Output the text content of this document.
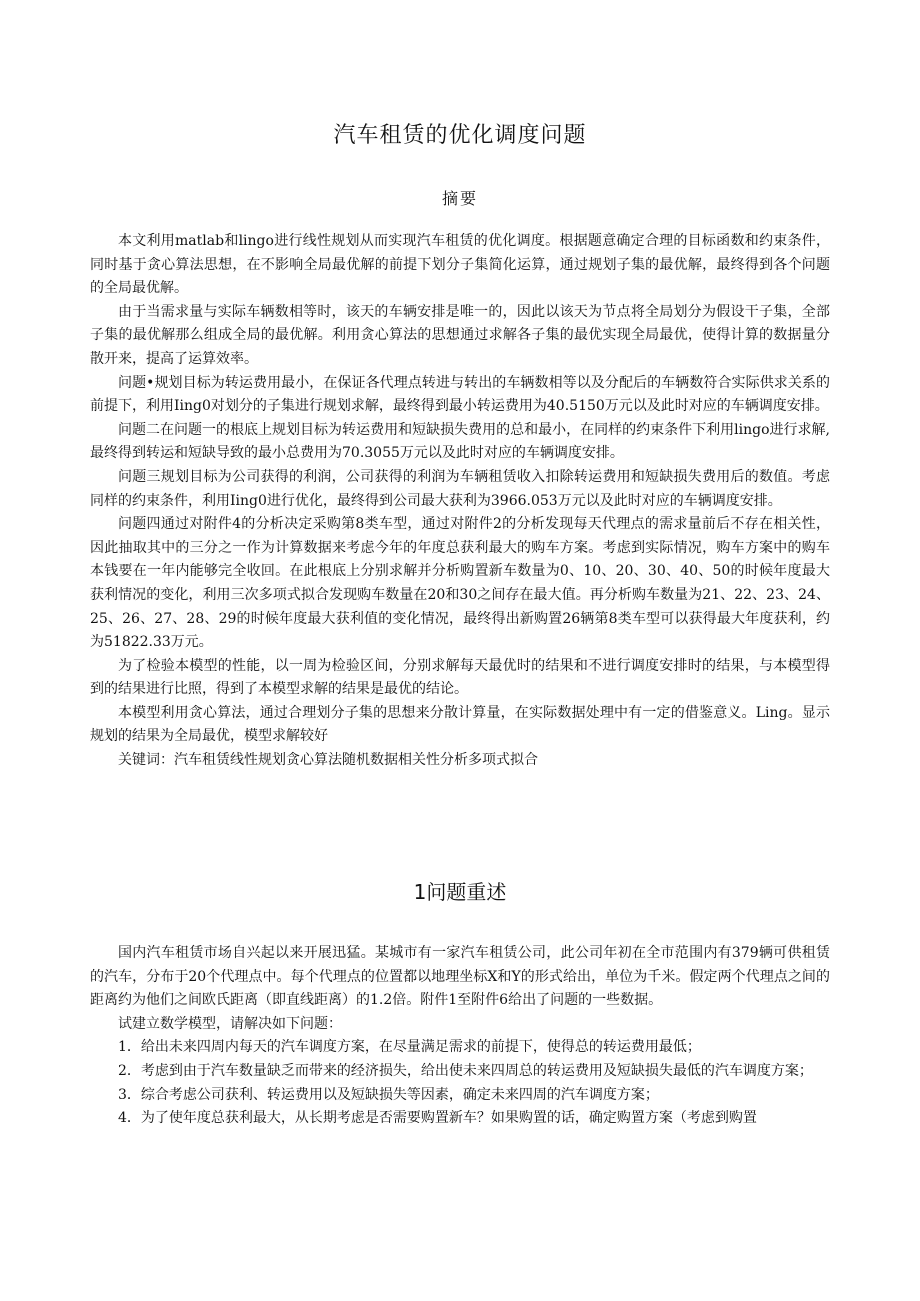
汽车租赁的优化调度问题
摘要

本文利用matlab和lingo进行线性规划从而实现汽车租赁的优化调度。根据题意确定合理的目标函数和约束条件，同时基于贪心算法思想，在不影响全局最优解的前提下划分子集简化运算，通过规划子集的最优解，最终得到各个问题的全局最优解。

由于当需求量与实际车辆数相等时，该天的车辆安排是唯一的，因此以该天为节点将全局划分为假设干子集，全部子集的最优解那么组成全局的最优解。利用贪心算法的思想通过求解各子集的最优实现全局最优，使得计算的数据量分散开来，提高了运算效率。

问题•规划目标为转运费用最小，在保证各代理点转进与转出的车辆数相等以及分配后的车辆数符合实际供求关系的前提下，利用Iing0对划分的子集进行规划求解，最终得到最小转运费用为40.5150万元以及此时对应的车辆调度安排。

问题二在问题一的根底上规划目标为转运费用和短缺损失费用的总和最小，在同样的约束条件下利用lingo进行求解,最终得到转运和短缺导致的最小总费用为70.3055万元以及此时对应的车辆调度安排。

问题三规划目标为公司获得的利润，公司获得的利润为车辆租赁收入扣除转运费用和短缺损失费用后的数值。考虑同样的约束条件，利用Iing0进行优化，最终得到公司最大获利为3966.053万元以及此时对应的车辆调度安排。

问题四通过对附件4的分析决定采购第8类车型，通过对附件2的分析发现每天代理点的需求量前后不存在相关性，因此抽取其中的三分之一作为计算数据来考虑今年的年度总获利最大的购车方案。考虑到实际情况，购车方案中的购车本钱要在一年内能够完全收回。在此根底上分别求解并分析购置新车数量为0、10、20、30、40、50的时候年度最大获利情况的变化，利用三次多项式拟合发现购车数量在20和30之间存在最大值。再分析购车数量为21、22、23、24、25、26、27、28、29的时候年度最大获利值的变化情况，最终得出新购置26辆第8类车型可以获得最大年度获利，约为51822.33万元。

为了检验本模型的性能，以一周为检验区间，分别求解每天最优时的结果和不进行调度安排时的结果，与本模型得到的结果进行比照，得到了本模型求解的结果是最优的结论。

本模型利用贪心算法，通过合理划分子集的思想来分散计算量，在实际数据处理中有一定的借鉴意义。Ling。显示规划的结果为全局最优，模型求解较好

关键词：汽车租赁线性规划贪心算法随机数据相关性分析多项式拟合

1问题重述

国内汽车租赁市场自兴起以来开展迅猛。某城市有一家汽车租赁公司，此公司年初在全市范围内有379辆可供租赁的汽车，分布于20个代理点中。每个代理点的位置都以地理坐标X和Y的形式给出，单位为千米。假定两个代理点之间的距离约为他们之间欧氏距离（即直线距离）的1.2倍。附件1至附件6给出了问题的一些数据。

试建立数学模型，请解决如下问题：

1．给出未来四周内每天的汽车调度方案，在尽量满足需求的前提下，使得总的转运费用最低；

2．考虑到由于汽车数量缺乏而带来的经济损失，给出使未来四周总的转运费用及短缺损失最低的汽车调度方案；

3．综合考虑公司获利、转运费用以及短缺损失等因素，确定未来四周的汽车调度方案；

4．为了使年度总获利最大，从长期考虑是否需要购置新车？如果购置的话，确定购置方案（考虑到购置
